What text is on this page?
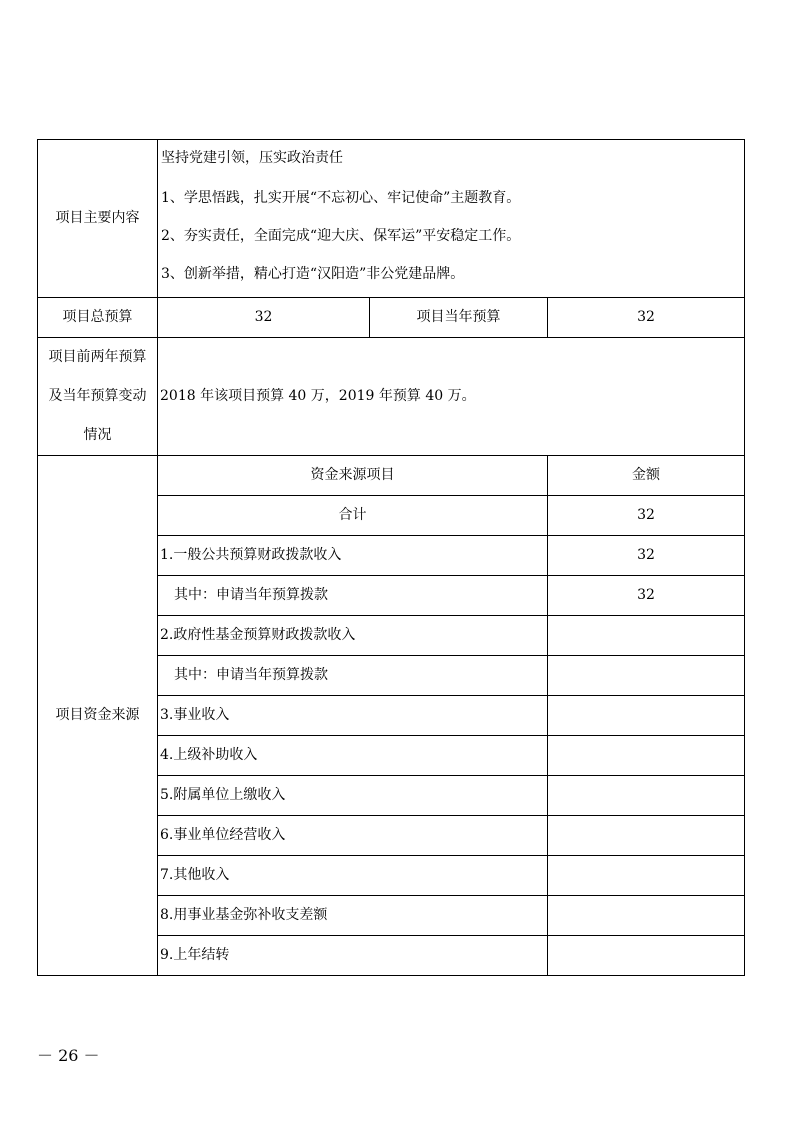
项目主要内容	坚持党建引领，压实政治责任
1、学思悟践，扎实开展“不忘初心、牢记使命”主题教育。
2、夯实责任，全面完成“迎大庆、保军运”平安稳定工作。
3、创新举措，精心打造“汉阳造”非公党建品牌。		

项目总预算	32	项目当年预算	32

项目前两年预算
及当年预算变动
情况	2018 年该项目预算 40 万，2019 年预算 40 万。		
项目资金来源	资金来源项目		金额
	合计		32
	1.一般公共预算财政拨款收入		32
	其中：申请当年预算拨款		32
	2.政府性基金预算财政拨款收入		
	其中：申请当年预算拨款		
	3.事业收入		
	4.上级补助收入		
	5.附属单位上缴收入		
	6.事业单位经营收入		
	7.其他收入		
	8.用事业基金弥补收支差额		
	9.上年结转		
－ 26 －
